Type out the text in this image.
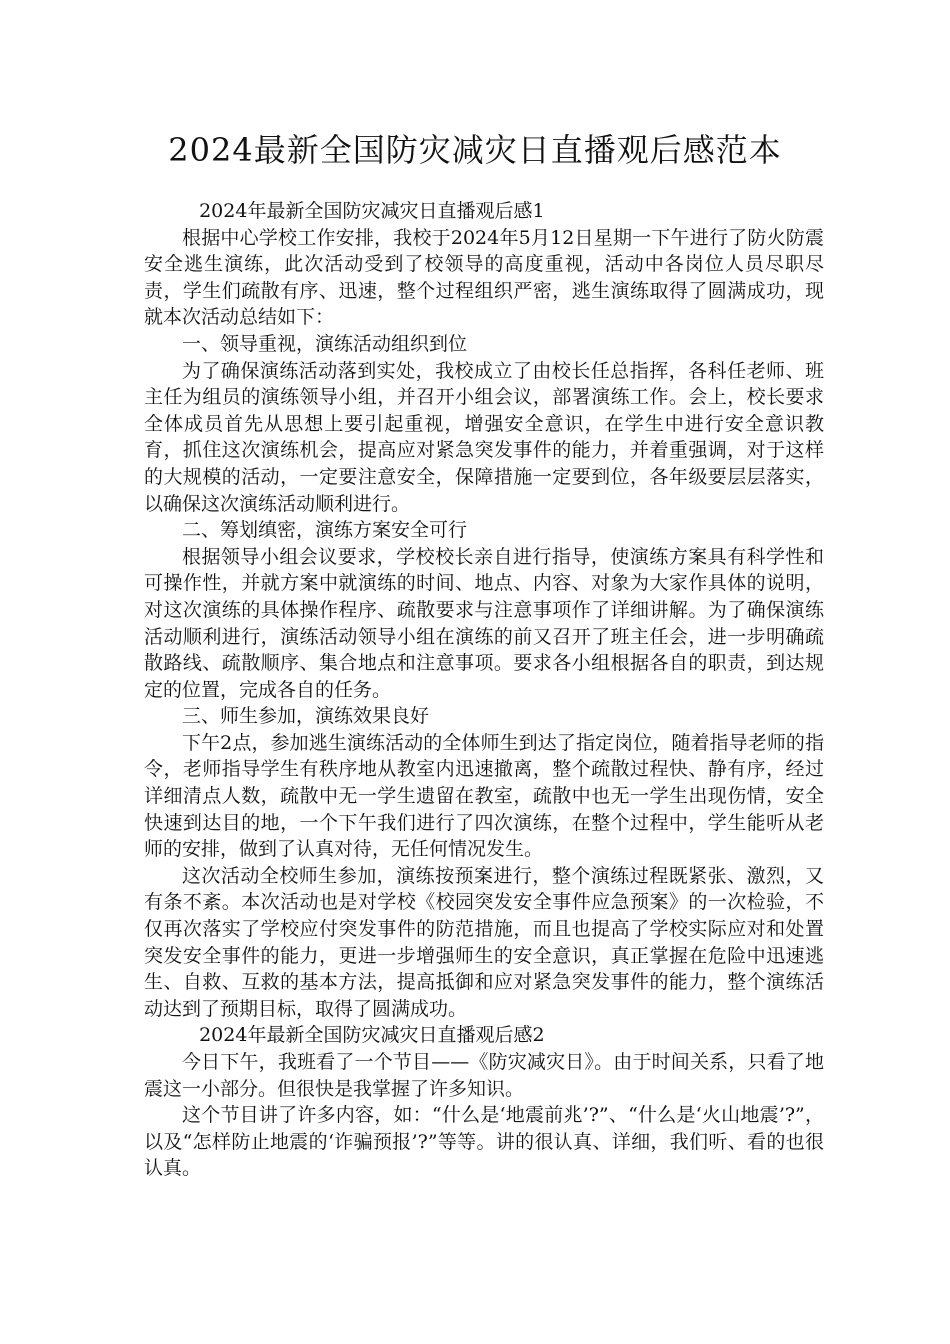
2024最新全国防灾减灾日直播观后感范本

2024年最新全国防灾减灾日直播观后感1

根据中心学校工作安排，我校于2024年5月12日星期一下午进行了防火防震安全逃生演练，此次活动受到了校领导的高度重视，活动中各岗位人员尽职尽责，学生们疏散有序、迅速，整个过程组织严密，逃生演练取得了圆满成功，现就本次活动总结如下：

一、领导重视，演练活动组织到位

为了确保演练活动落到实处，我校成立了由校长任总指挥，各科任老师、班主任为组员的演练领导小组，并召开小组会议，部署演练工作。会上，校长要求全体成员首先从思想上要引起重视，增强安全意识，在学生中进行安全意识教育，抓住这次演练机会，提高应对紧急突发事件的能力，并着重强调，对于这样的大规模的活动，一定要注意安全，保障措施一定要到位，各年级要层层落实，以确保这次演练活动顺利进行。

二、筹划缜密，演练方案安全可行

根据领导小组会议要求，学校校长亲自进行指导，使演练方案具有科学性和可操作性，并就方案中就演练的时间、地点、内容、对象为大家作具体的说明，对这次演练的具体操作程序、疏散要求与注意事项作了详细讲解。为了确保演练活动顺利进行，演练活动领导小组在演练的前又召开了班主任会，进一步明确疏散路线、疏散顺序、集合地点和注意事项。要求各小组根据各自的职责，到达规定的位置，完成各自的任务。

三、师生参加，演练效果良好

下午2点，参加逃生演练活动的全体师生到达了指定岗位，随着指导老师的指令，老师指导学生有秩序地从教室内迅速撤离，整个疏散过程快、静有序，经过详细清点人数，疏散中无一学生遗留在教室，疏散中也无一学生出现伤情，安全快速到达目的地，一个下午我们进行了四次演练，在整个过程中，学生能听从老师的安排，做到了认真对待，无任何情况发生。

这次活动全校师生参加，演练按预案进行，整个演练过程既紧张、激烈，又有条不紊。本次活动也是对学校《校园突发安全事件应急预案》的一次检验，不仅再次落实了学校应付突发事件的防范措施，而且也提高了学校实际应对和处置突发安全事件的能力，更进一步增强师生的安全意识，真正掌握在危险中迅速逃生、自救、互救的基本方法，提高抵御和应对紧急突发事件的能力，整个演练活动达到了预期目标，取得了圆满成功。

2024年最新全国防灾减灾日直播观后感2

今日下午，我班看了一个节目——《防灾减灾日》。由于时间关系，只看了地震这一小部分。但很快是我掌握了许多知识。

这个节目讲了许多内容，如：“什么是‘地震前兆’?”、“什么是‘火山地震’?”，以及“怎样防止地震的‘诈骗预报’?”等等。讲的很认真、详细，我们听、看的也很认真。
